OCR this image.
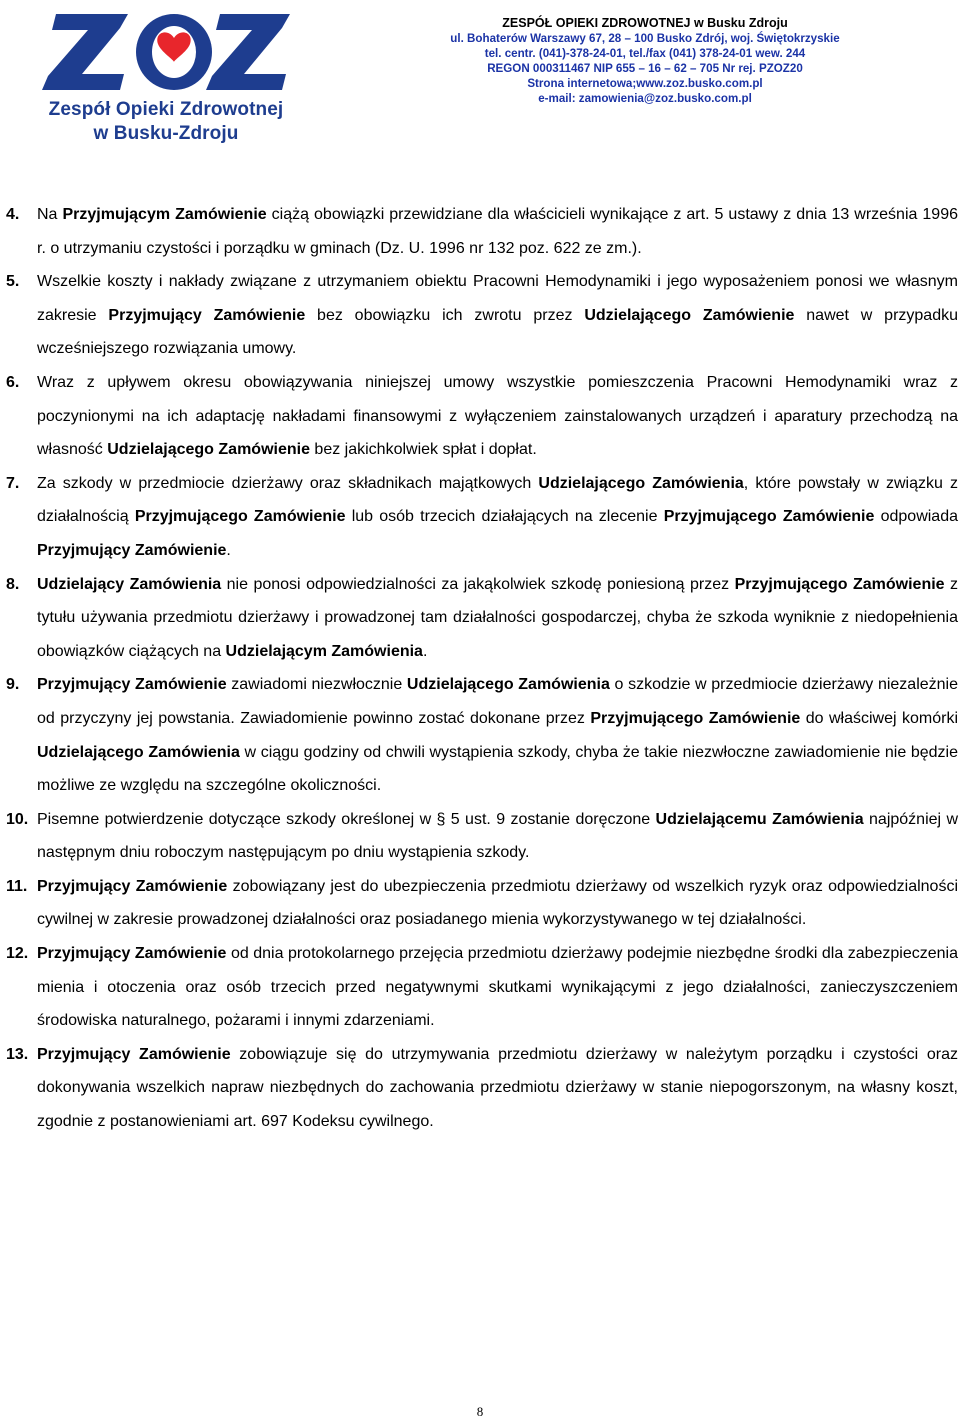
Zespół Opieki Zdrowotnej
w Busku-Zdroju
ZESPÓŁ OPIEKI ZDROWOTNEJ w Busku Zdroju
ul. Bohaterów Warszawy 67, 28 – 100 Busko Zdrój, woj. Świętokrzyskie
tel. centr. (041)-378-24-01, tel./fax (041) 378-24-01 wew. 244
REGON 000311467 NIP 655 – 16 – 62 – 705 Nr rej. PZOZ20
Strona internetowa;www.zoz.busko.com.pl
e-mail: zamowienia@zoz.busko.com.pl
4. Na Przyjmującym Zamówienie ciążą obowiązki przewidziane dla właścicieli wynikające z art. 5 ustawy z dnia 13 września 1996 r. o utrzymaniu czystości i porządku w gminach (Dz. U. 1996 nr 132 poz. 622 ze zm.).
5. Wszelkie koszty i nakłady związane z utrzymaniem obiektu Pracowni Hemodynamiki i jego wyposażeniem ponosi we własnym zakresie Przyjmujący Zamówienie bez obowiązku ich zwrotu przez Udzielającego Zamówienie nawet w przypadku wcześniejszego rozwiązania umowy.
6. Wraz z upływem okresu obowiązywania niniejszej umowy wszystkie pomieszczenia Pracowni Hemodynamiki wraz z poczynionymi na ich adaptację nakładami finansowymi z wyłączeniem zainstalowanych urządzeń i aparatury przechodzą na własność Udzielającego Zamówienie bez jakichkolwiek spłat i dopłat.
7. Za szkody w przedmiocie dzierżawy oraz składnikach majątkowych Udzielającego Zamówienia, które powstały w związku z działalnością Przyjmującego Zamówienie lub osób trzecich działających na zlecenie Przyjmującego Zamówienie odpowiada Przyjmujący Zamówienie.
8. Udzielający Zamówienia nie ponosi odpowiedzialności za jakąkolwiek szkodę poniesioną przez Przyjmującego Zamówienie z tytułu używania przedmiotu dzierżawy i prowadzonej tam działalności gospodarczej, chyba że szkoda wyniknie z niedopełnienia obowiązków ciążących na Udzielającym Zamówienia.
9. Przyjmujący Zamówienie zawiadomi niezwłocznie Udzielającego Zamówienia o szkodzie w przedmiocie dzierżawy niezależnie od przyczyny jej powstania. Zawiadomienie powinno zostać dokonane przez Przyjmującego Zamówienie do właściwej komórki Udzielającego Zamówienia w ciągu godziny od chwili wystąpienia szkody, chyba że takie niezwłoczne zawiadomienie nie będzie możliwe ze względu na szczególne okoliczności.
10. Pisemne potwierdzenie dotyczące szkody określonej w § 5 ust. 9 zostanie doręczone Udzielającemu Zamówienia najpóźniej w następnym dniu roboczym następującym po dniu wystąpienia szkody.
11. Przyjmujący Zamówienie zobowiązany jest do ubezpieczenia przedmiotu dzierżawy od wszelkich ryzyk oraz odpowiedzialności cywilnej w zakresie prowadzonej działalności oraz posiadanego mienia wykorzystywanego w tej działalności.
12. Przyjmujący Zamówienie od dnia protokolarnego przejęcia przedmiotu dzierżawy podejmie niezbędne środki dla zabezpieczenia mienia i otoczenia oraz osób trzecich przed negatywnymi skutkami wynikającymi z jego działalności, zanieczyszczeniem środowiska naturalnego, pożarami i innymi zdarzeniami.
13. Przyjmujący Zamówienie zobowiązuje się do utrzymywania przedmiotu dzierżawy w należytym porządku i czystości oraz dokonywania wszelkich napraw niezbędnych do zachowania przedmiotu dzierżawy w stanie niepogorszonym, na własny koszt, zgodnie z postanowieniami art. 697 Kodeksu cywilnego.
8
